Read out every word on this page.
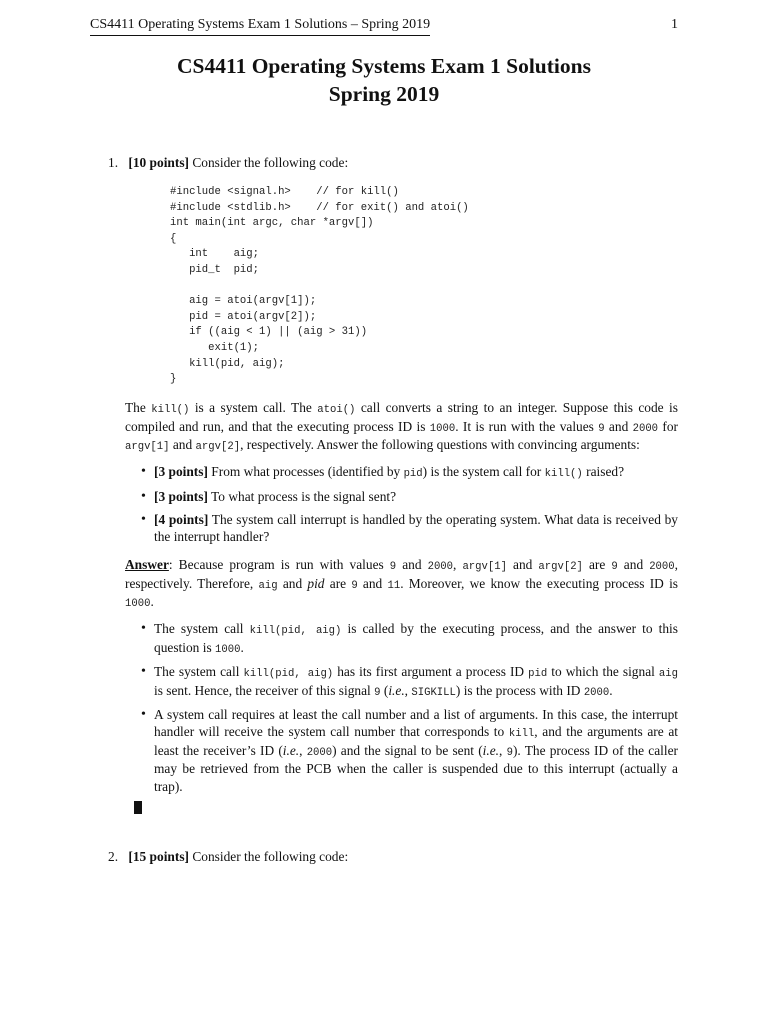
CS4411 Operating Systems Exam 1 Solutions – Spring 2019	1
CS4411 Operating Systems Exam 1 Solutions
Spring 2019
1. [10 points] Consider the following code:
#include <signal.h>    // for kill()
#include <stdlib.h>    // for exit() and atoi()
int main(int argc, char *argv[])
{
int    aig;
pid_t  pid;

aig = atoi(argv[1]);
pid = atoi(argv[2]);
if ((aig < 1) || (aig > 31))
exit(1);
kill(pid, aig);
}
The kill() is a system call. The atoi() call converts a string to an integer. Suppose this code is compiled and run, and that the executing process ID is 1000. It is run with the values 9 and 2000 for argv[1] and argv[2], respectively. Answer the following questions with convincing arguments:
• [3 points] From what processes (identified by pid) is the system call for kill() raised?
• [3 points] To what process is the signal sent?
• [4 points] The system call interrupt is handled by the operating system. What data is received by the interrupt handler?
Answer: Because program is run with values 9 and 2000, argv[1] and argv[2] are 9 and 2000, respectively. Therefore, aig and pid are 9 and 11. Moreover, we know the executing process ID is 1000.
• The system call kill(pid, aig) is called by the executing process, and the answer to this question is 1000.
• The system call kill(pid, aig) has its first argument a process ID pid to which the signal aig is sent. Hence, the receiver of this signal 9 (i.e., SIGKILL) is the process with ID 2000.
• A system call requires at least the call number and a list of arguments. In this case, the interrupt handler will receive the system call number that corresponds to kill, and the arguments are at least the receiver’s ID (i.e., 2000) and the signal to be sent (i.e., 9). The process ID of the caller may be retrieved from the PCB when the caller is suspended due to this interrupt (actually a trap).
2. [15 points] Consider the following code:
